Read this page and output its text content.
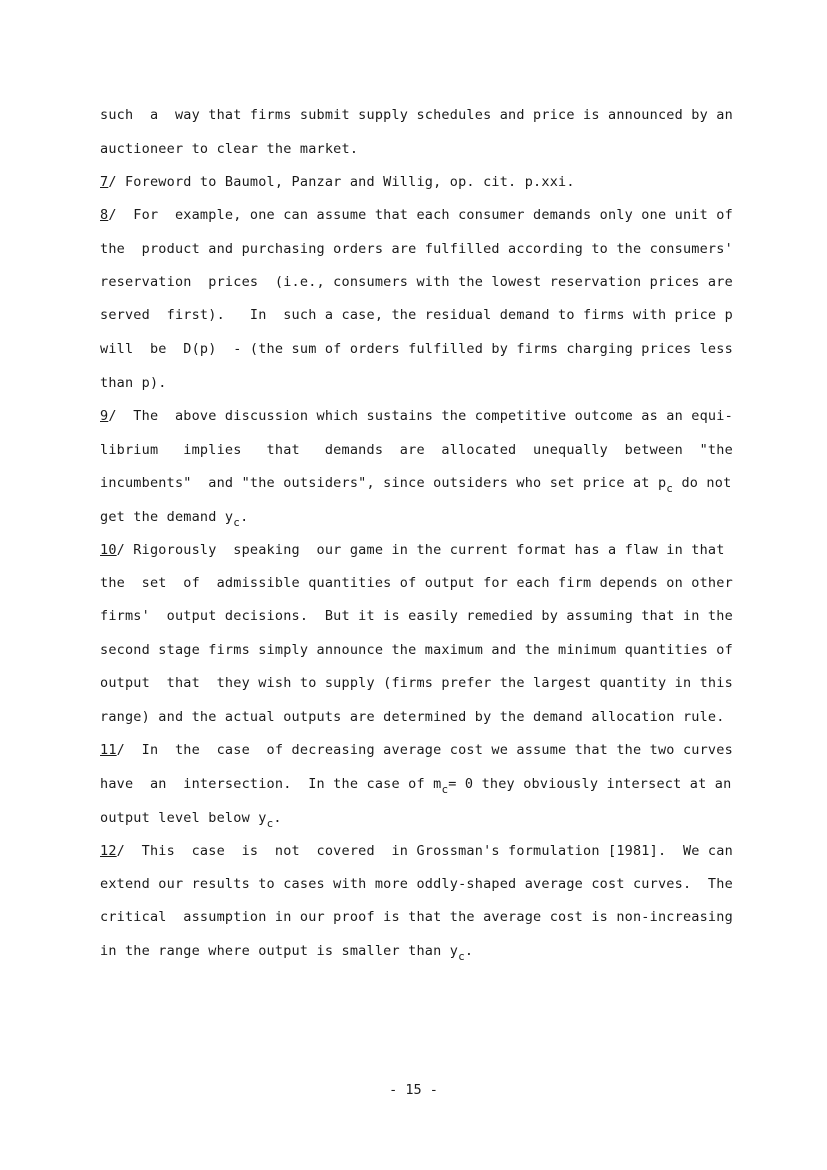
such  a  way that firms submit supply schedules and price is announced by an
auctioneer to clear the market.
7/ Foreword to Baumol, Panzar and Willig, op. cit. p.xxi.
8/  For  example, one can assume that each consumer demands only one unit of
the  product and purchasing orders are fulfilled according to the consumers'
reservation  prices  (i.e., consumers with the lowest reservation prices are
served  first).   In  such a case, the residual demand to firms with price p
will  be  D(p)  - (the sum of orders fulfilled by firms charging prices less
than p).
9/  The  above discussion which sustains the competitive outcome as an equi-
librium   implies   that   demands  are  allocated  unequally  between  "the
incumbents"  and "the outsiders", since outsiders who set price at $p_c$ do not
get the demand $y_c$.
10/ Rigorously  speaking  our game in the current format has a flaw in that
the  set  of  admissible quantities of output for each firm depends on other
firms'  output decisions.  But it is easily remedied by assuming that in the
second stage firms simply announce the maximum and the minimum quantities of
output  that  they wish to supply (firms prefer the largest quantity in this
range) and the actual outputs are determined by the demand allocation rule.
11/  In  the  case  of decreasing average cost we assume that the two curves
have  an  intersection.  In the case of $m_c= 0$ they obviously intersect at an
output level below $y_c$.
12/  This  case  is  not  covered  in Grossman's formulation [1981].  We can
extend our results to cases with more oddly-shaped average cost curves.  The
critical  assumption in our proof is that the average cost is non-increasing
in the range where output is smaller than $y_c$.
- 15 -
